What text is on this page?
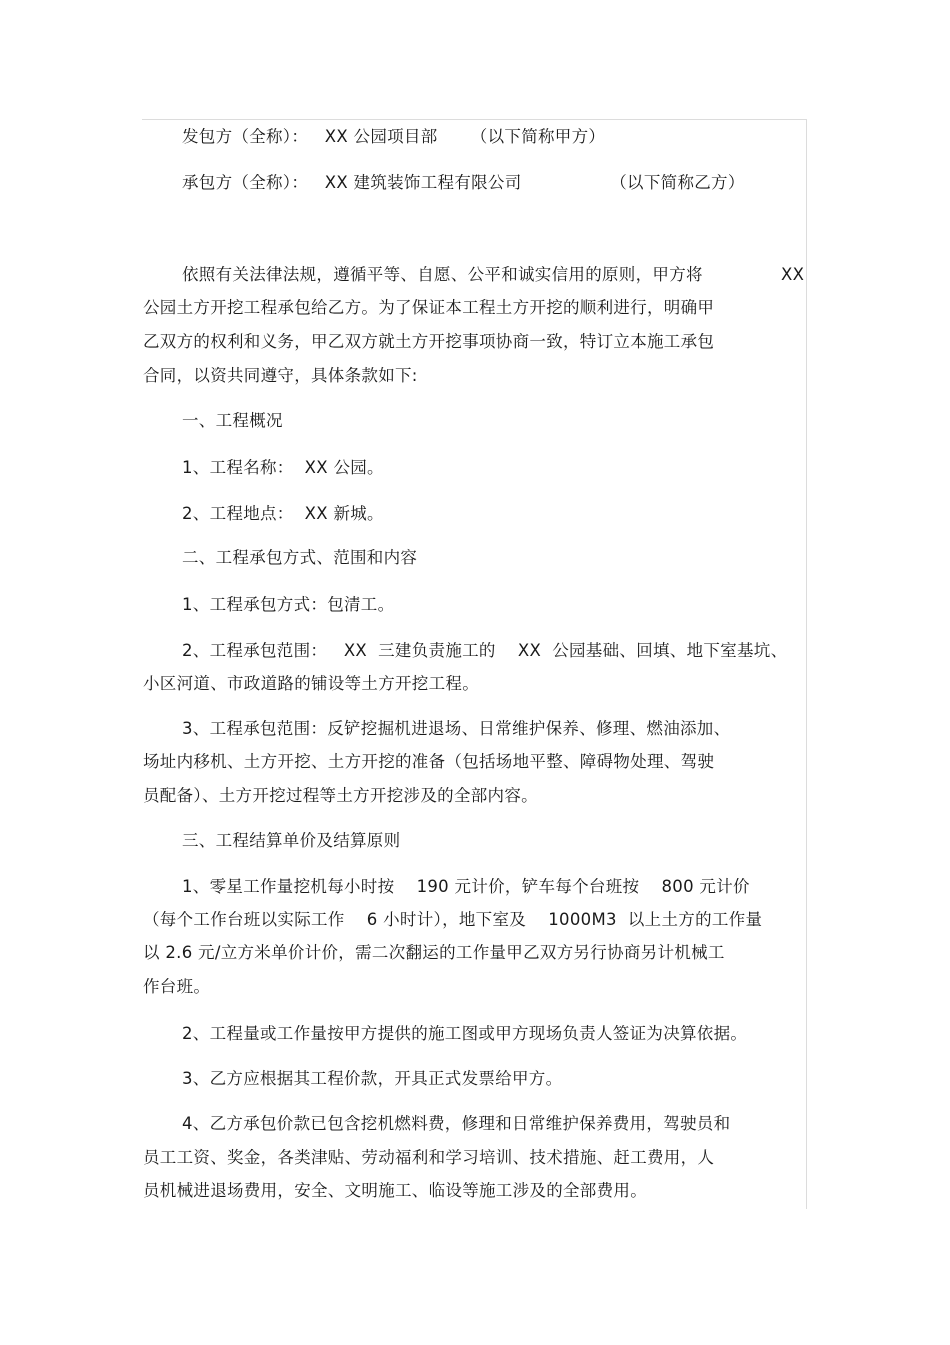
发包方（全称）：   XX 公园项目部      （以下简称甲方）
承包方（全称）：   XX 建筑装饰工程有限公司                （以下简称乙方）
依照有关法律法规，遵循平等、自愿、公平和诚实信用的原则，甲方将	XX
公园土方开挖工程承包给乙方。为了保证本工程土方开挖的顺利进行，明确甲
乙双方的权利和义务，甲乙双方就土方开挖事项协商一致，特订立本施工承包
合同，以资共同遵守，具体条款如下:
一、工程概况
1、工程名称：  XX 公园。
2、工程地点：  XX 新城。
二、工程承包方式、范围和内容
1、工程承包方式：包清工。
2、工程承包范围：   XX  三建负责施工的    XX  公园基础、回填、地下室基坑、
小区河道、市政道路的铺设等土方开挖工程。
3、工程承包范围：反铲挖掘机进退场、日常维护保养、修理、燃油添加、
场址内移机、土方开挖、土方开挖的准备（包括场地平整、障碍物处理、驾驶
员配备）、土方开挖过程等土方开挖涉及的全部内容。
三、工程结算单价及结算原则
1、零星工作量挖机每小时按    190 元计价，铲车每个台班按    800 元计价
（每个工作台班以实际工作    6 小时计），地下室及    1000M3  以上土方的工作量
以 2.6 元/立方米单价计价，需二次翻运的工作量甲乙双方另行协商另计机械工
作台班。
2、工程量或工作量按甲方提供的施工图或甲方现场负责人签证为决算依据。
3、乙方应根据其工程价款，开具正式发票给甲方。
4、乙方承包价款已包含挖机燃料费，修理和日常维护保养费用，驾驶员和
员工工资、奖金，各类津贴、劳动福利和学习培训、技术措施、赶工费用，人
员机械进退场费用，安全、文明施工、临设等施工涉及的全部费用。
